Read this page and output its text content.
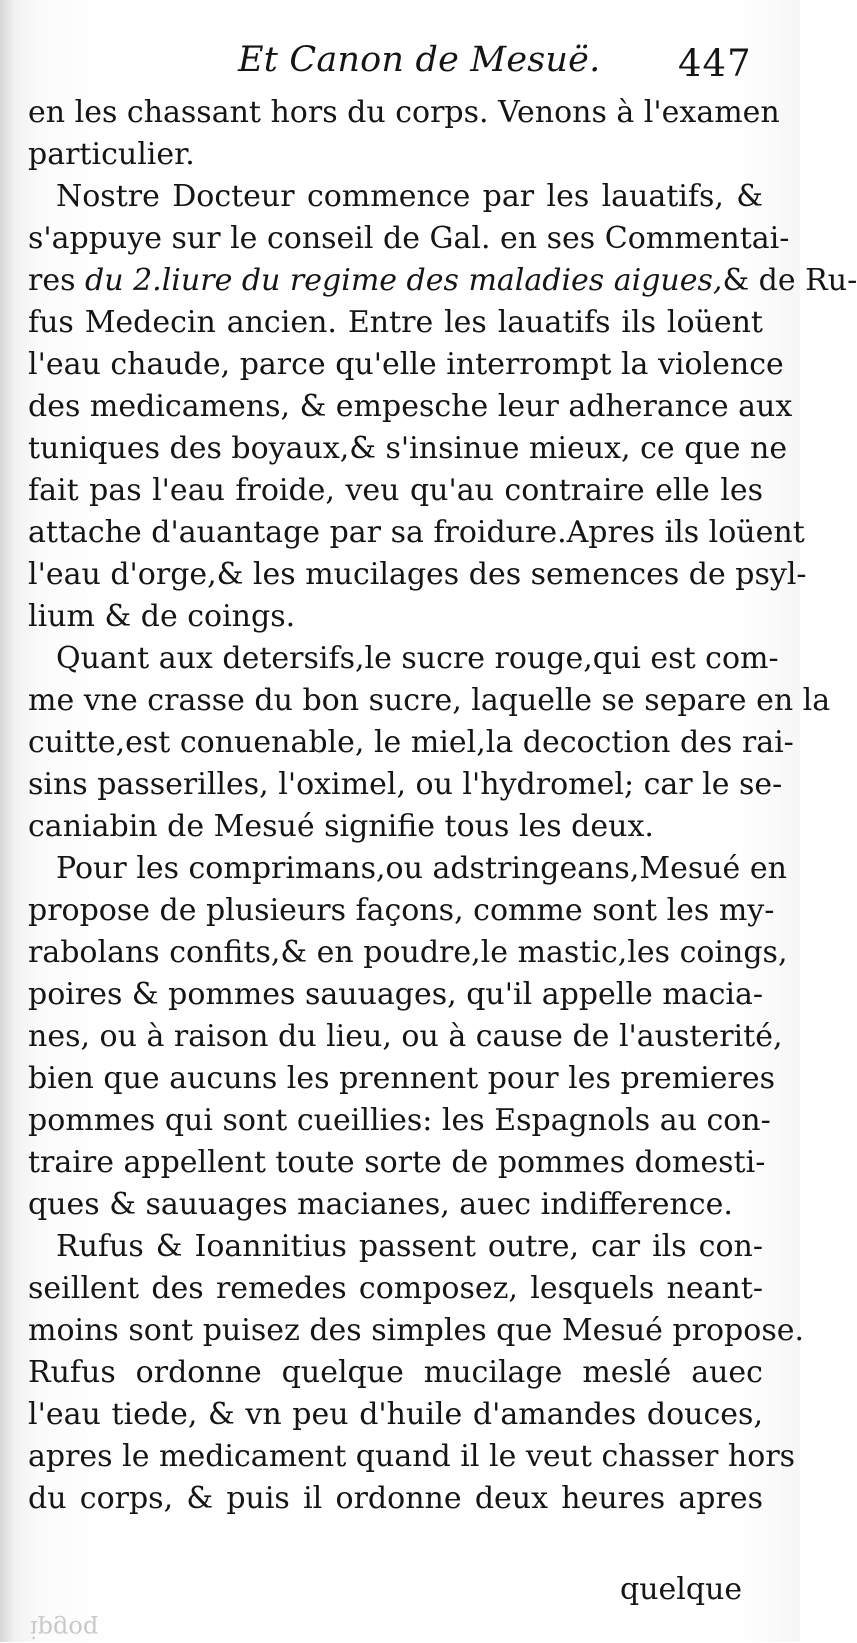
Et Canon de Mesuë. 447
en les chassant hors du corps. Venons à l'examen
particulier.
Nostre Docteur commence par les lauatifs, &
s'appuye sur le conseil de Gal. en ses Commentai-
res du 2.liure du regime des maladies aigues,& de Ru-
fus Medecin ancien. Entre les lauatifs ils loüent
l'eau chaude, parce qu'elle interrompt la violence
des medicamens, & empesche leur adherance aux
tuniques des boyaux,& s'insinue mieux, ce que ne
fait pas l'eau froide, veu qu'au contraire elle les
attache d'auantage par sa froidure.Apres ils loüent
l'eau d'orge,& les mucilages des semences de psyl-
lium & de coings.
Quant aux detersifs,le sucre rouge,qui est com-
me vne crasse du bon sucre, laquelle se separe en la
cuitte,est conuenable, le miel,la decoction des rai-
sins passerilles, l'oximel, ou l'hydromel; car le se-
caniabin de Mesué signifie tous les deux.
Pour les comprimans,ou adstringeans,Mesué en
propose de plusieurs façons, comme sont les my-
rabolans confits,& en poudre,le mastic,les coings,
poires & pommes sauuages, qu'il appelle macia-
nes, ou à raison du lieu, ou à cause de l'austerité,
bien que aucuns les prennent pour les premieres
pommes qui sont cueillies: les Espagnols au con-
traire appellent toute sorte de pommes domesti-
ques & sauuages macianes, auec indifference.
Rufus & Ioannitius passent outre, car ils con-
seillent des remedes composez, lesquels neant-
moins sont puisez des simples que Mesué propose.
Rufus ordonne quelque mucilage meslé auec
l'eau tiede, & vn peu d'huile d'amandes douces,
apres le medicament quand il le veut chasser hors
du corps, & puis il ordonne deux heures apres
quelque
ipgoq
